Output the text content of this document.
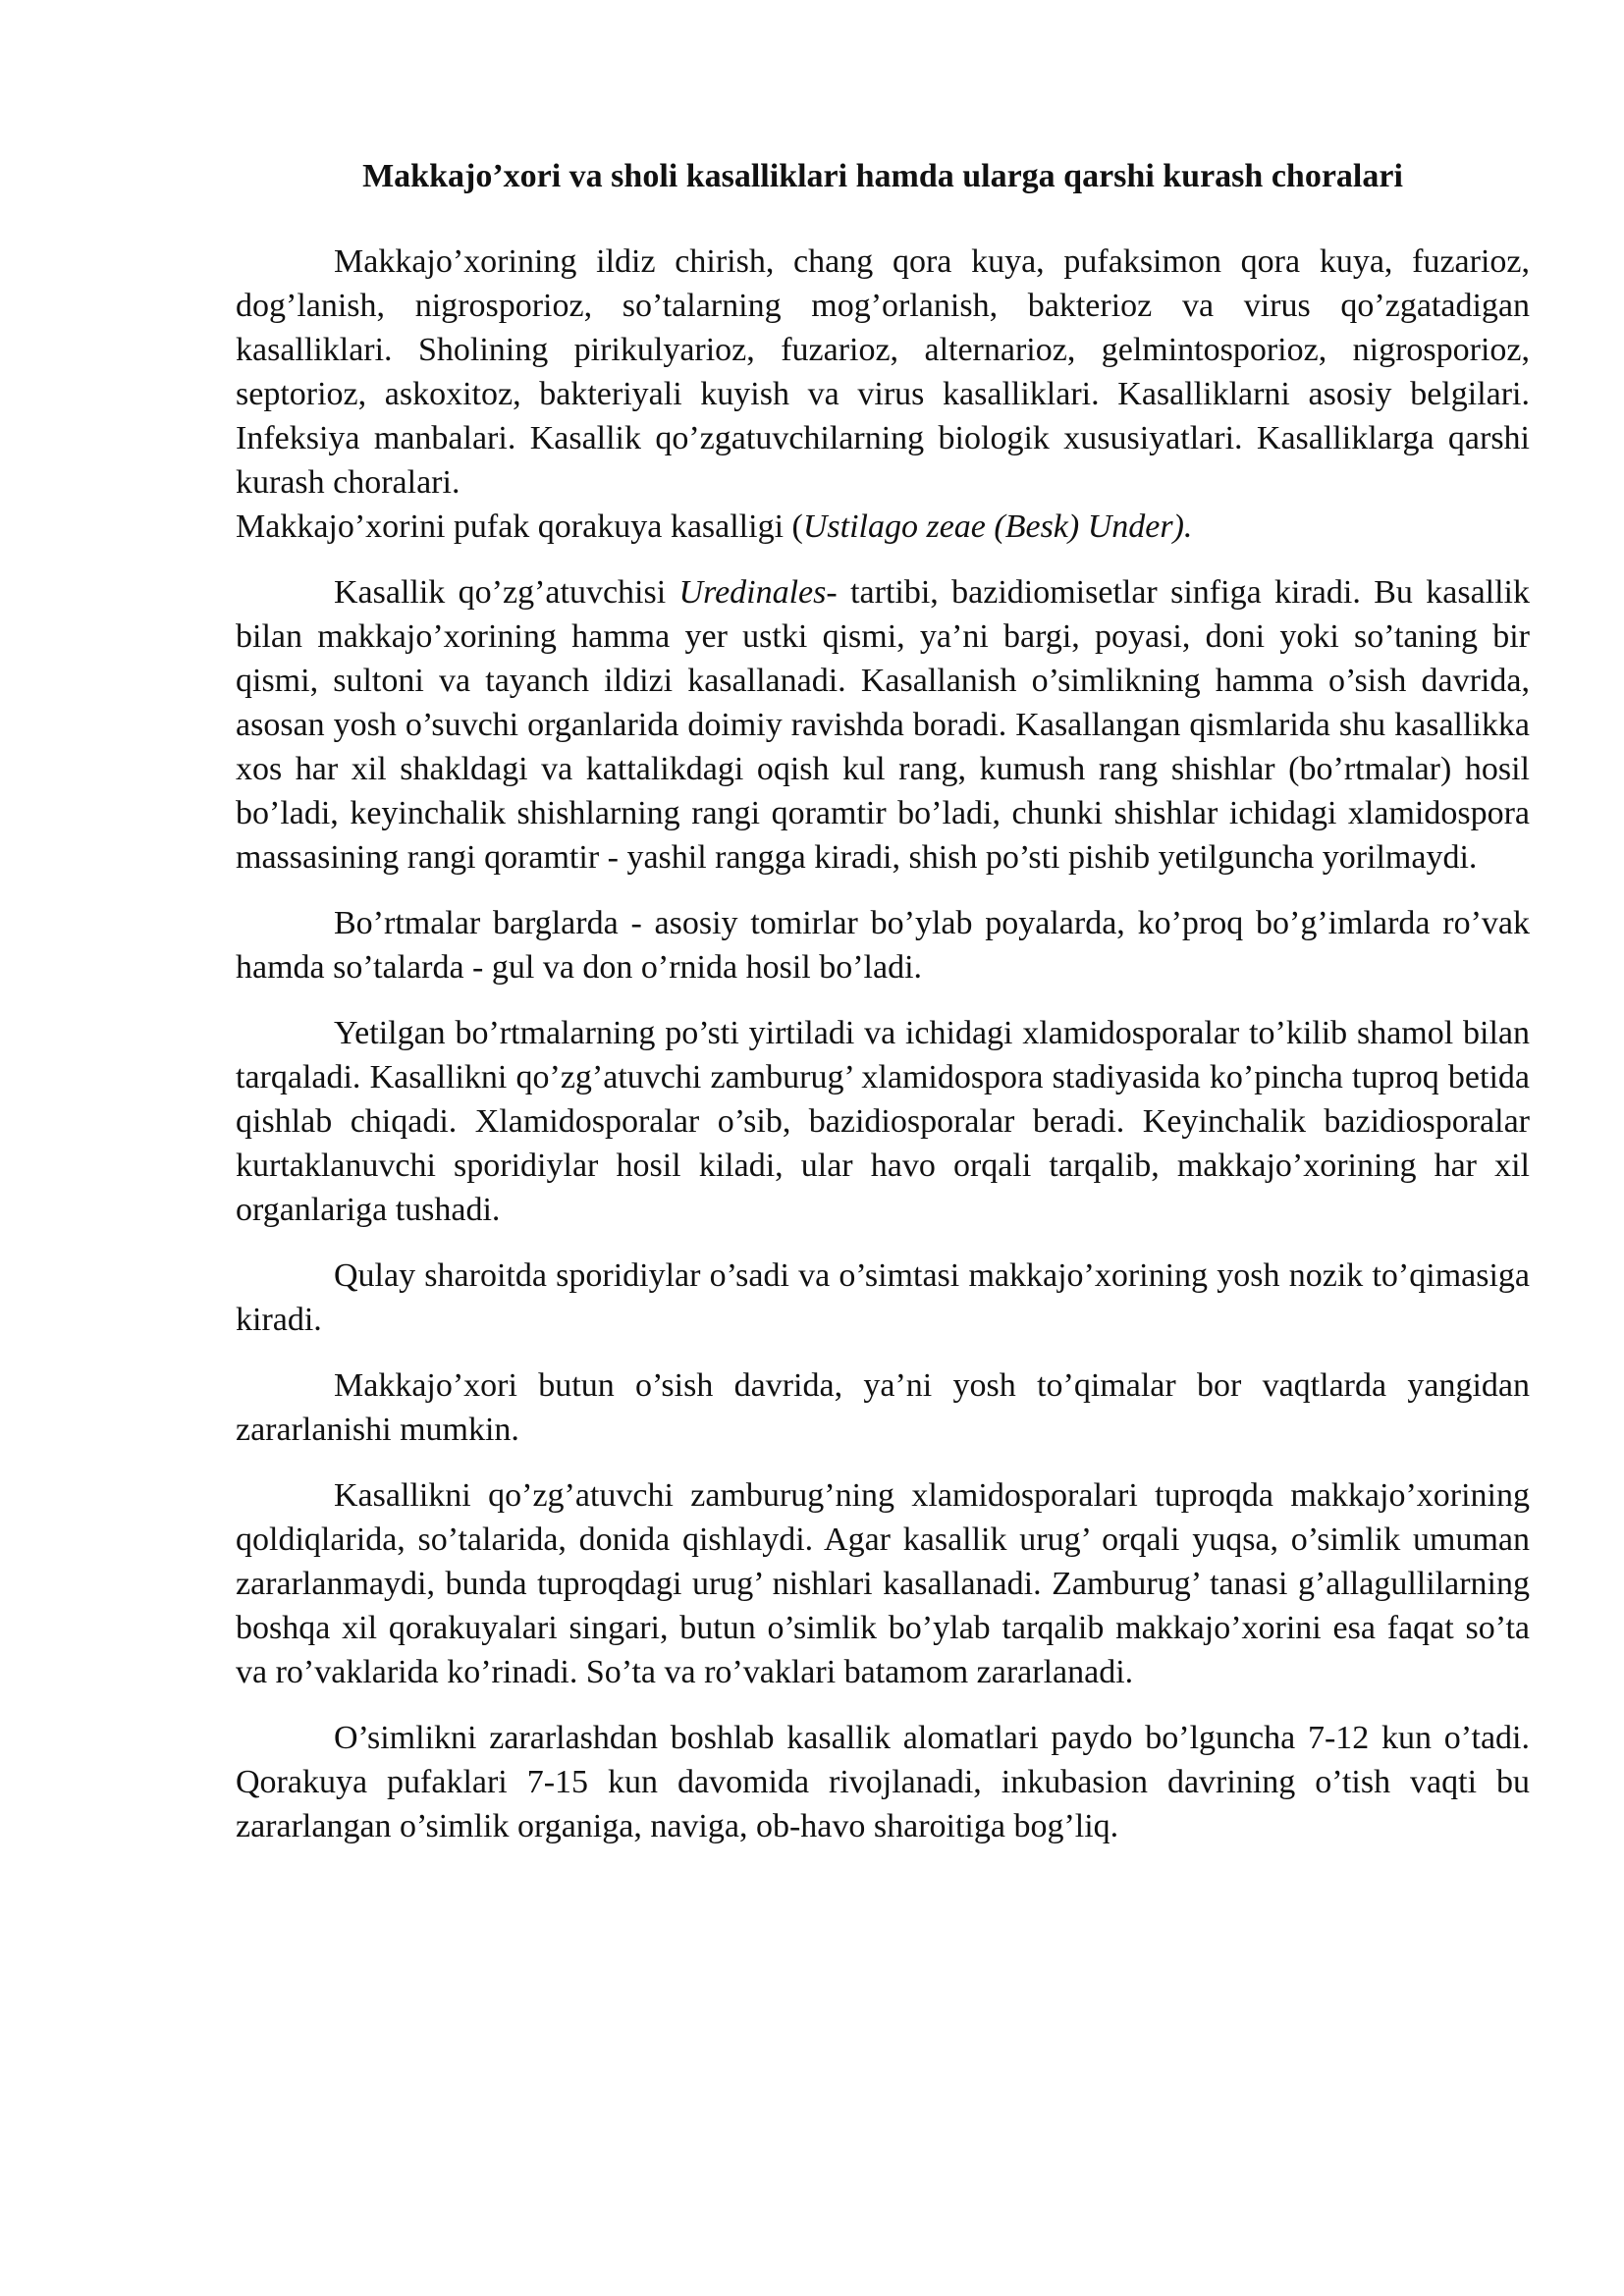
Makkajo’xori va sholi kasalliklari hamda ularga qarshi kurash choralari

Makkajo’xorining ildiz chirish, chang qora kuya, pufaksimon qora kuya, fuzarioz, dog’lanish, nigrosporioz, so’talarning mog’orlanish, bakterioz va virus qo’zgatadigan kasalliklari. Sholining pirikulyarioz, fuzarioz, alternarioz, gelmintosporioz, nigrosporioz, septorioz, askoxitoz, bakteriyali kuyish va virus kasalliklari. Kasalliklarni asosiy belgilari. Infeksiya manbalari. Kasallik qo’zgatuvchilarning biologik xususiyatlari. Kasalliklarga qarshi kurash choralari.

Makkajo’xorini pufak qorakuya kasalligi (Ustilago zeae (Besk) Under).

Kasallik qo’zg’atuvchisi Uredinales- tartibi, bazidiomisetlar sinfiga kiradi. Bu kasallik bilan makkajo’xorining hamma yer ustki qismi, ya’ni bargi, poyasi, doni yoki so’taning bir qismi, sultoni va tayanch ildizi kasallanadi. Kasallanish o’simlikning hamma o’sish davrida, asosan yosh o’suvchi organlarida doimiy ravishda boradi. Kasallangan qismlarida shu kasallikka xos har xil shakldagi va kattalikdagi oqish kul rang, kumush rang shishlar (bo’rtmalar) hosil bo’ladi, keyinchalik shishlarning rangi qoramtir bo’ladi, chunki shishlar ichidagi xlamidospora massasining rangi qoramtir - yashil rangga kiradi, shish po’sti pishib yetilguncha yorilmaydi.

Bo’rtmalar barglarda - asosiy tomirlar bo’ylab poyalarda, ko’proq bo’g’imlarda ro’vak hamda so’talarda - gul va don o’rnida hosil bo’ladi.

Yetilgan bo’rtmalarning po’sti yirtiladi va ichidagi xlamidosporalar to’kilib shamol bilan tarqaladi. Kasallikni qo’zg’atuvchi zamburug’ xlamidospora stadiyasida ko’pincha tuproq betida qishlab chiqadi. Xlamidosporalar o’sib, bazidiosporalar beradi. Keyinchalik bazidiosporalar kurtaklanuvchi sporidiylar hosil kiladi, ular havo orqali tarqalib, makkajo’xorining har xil organlariga tushadi.

Qulay sharoitda sporidiylar o’sadi va o’simtasi makkajo’xorining yosh nozik to’qimasiga kiradi.

Makkajo’xori butun o’sish davrida, ya’ni yosh to’qimalar bor vaqtlarda yangidan zararlanishi mumkin.

Kasallikni qo’zg’atuvchi zamburug’ning xlamidosporalari tuproqda makkajo’xorining qoldiqlarida, so’talarida, donida qishlaydi. Agar kasallik urug’ orqali yuqsa, o’simlik umuman zararlanmaydi, bunda tuproqdagi urug’ nishlari kasallanadi. Zamburug’ tanasi g’allagullilarning boshqa xil qorakuyalari singari, butun o’simlik bo’ylab tarqalib makkajo’xorini esa faqat so’ta va ro’vaklarida ko’rinadi. So’ta va ro’vaklari batamom zararlanadi.

O’simlikni zararlashdan boshlab kasallik alomatlari paydo bo’lguncha 7-12 kun o’tadi. Qorakuya pufaklari 7-15 kun davomida rivojlanadi, inkubasion davrining o’tish vaqti bu zararlangan o’simlik organiga, naviga, ob-havo sharoitiga bog’liq.
